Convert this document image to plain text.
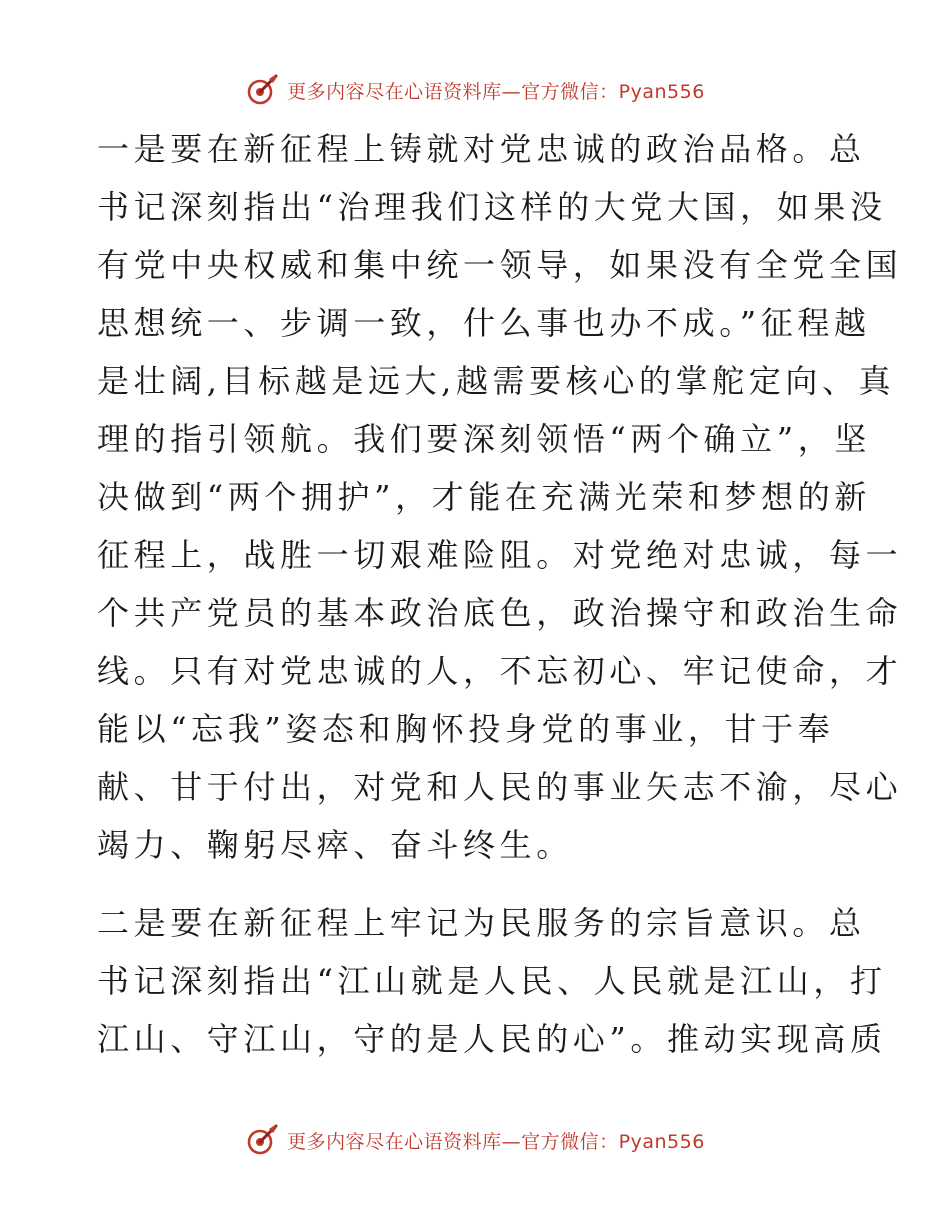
更多内容尽在心语资料库—官方微信：Pyan556

一是要在新征程上铸就对党忠诚的政治品格。总
书记深刻指出“治理我们这样的大党大国，如果没
有党中央权威和集中统一领导，如果没有全党全国
思想统一、步调一致，什么事也办不成。”征程越
是壮阔,目标越是远大,越需要核心的掌舵定向、真
理的指引领航。我们要深刻领悟“两个确立”，坚
决做到“两个拥护”，才能在充满光荣和梦想的新
征程上，战胜一切艰难险阻。对党绝对忠诚，每一
个共产党员的基本政治底色，政治操守和政治生命
线。只有对党忠诚的人，不忘初心、牢记使命，才
能以“忘我”姿态和胸怀投身党的事业，甘于奉
献、甘于付出，对党和人民的事业矢志不渝，尽心
竭力、鞠躬尽瘁、奋斗终生。

二是要在新征程上牢记为民服务的宗旨意识。总
书记深刻指出“江山就是人民、人民就是江山，打
江山、守江山，守的是人民的心”。推动实现高质

更多内容尽在心语资料库—官方微信：Pyan556
